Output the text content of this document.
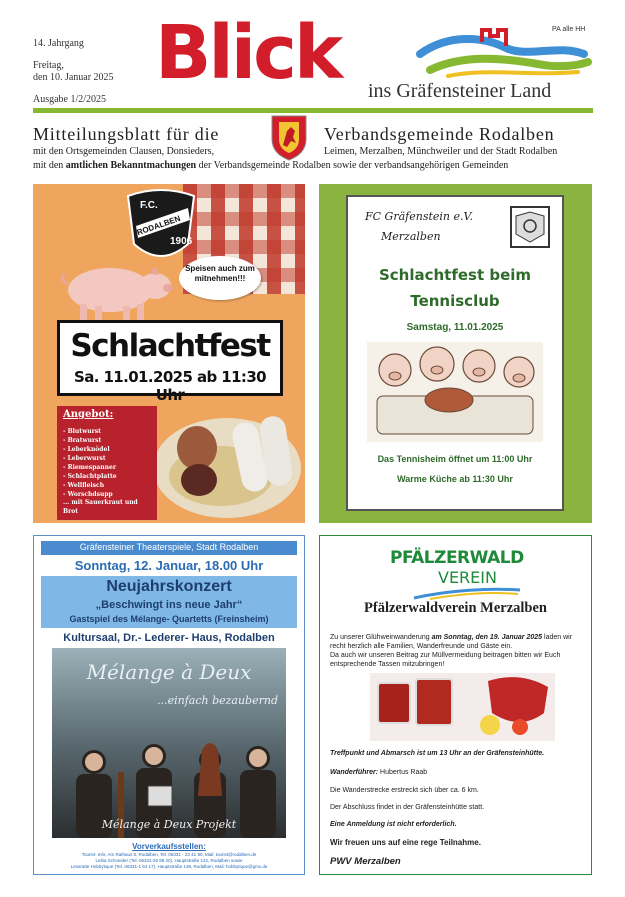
14. Jahrgang
Freitag,
den 10. Januar 2025
Ausgabe 1/2/2025
Blick ins Gräfensteiner Land
PA alle HH
Mitteilungsblatt für die	Verbandsgemeinde Rodalben
mit den Ortsgemeinden Clausen, Donsieders,	Leimen, Merzalben, Münchweiler und der Stadt Rodalben
mit den amtlichen Bekanntmachungen der Verbandsgemeinde Rodalben sowie der verbandsangehörigen Gemeinden
F.C.
RODALBEN
1906
Speisen auch zum mitnehmen!!!
Schlachtfest
Sa. 11.01.2025 ab 11:30 Uhr
Angebot:
- Blutwurst
- Bratwurst
- Leberknödel
- Leberwurst
- Riemespanner
- Schlachtplatte
- Wellfleisch
- Worschdsupp
... mit Sauerkraut und Brot
FC Gräfenstein e.V.
Merzalben
Schlachtfest beim
Tennisclub
Samstag, 11.01.2025
Das Tennisheim öffnet um 11:00 Uhr
Warme Küche ab 11:30 Uhr
Gräfensteiner Theaterspiele, Stadt Rodalben
Sonntag, 12. Januar, 18.00 Uhr
Neujahrskonzert
„Beschwingt ins neue Jahr“
Gastspiel des Mélange- Quartetts (Freinsheim)
Kultursaal, Dr.- Lederer- Haus, Rodalben
Mélange à Deux
...einfach bezaubernd
Mélange à Deux Projekt
Vorverkaufsstellen:
Tourist- Info, Am Rathaus 8, Rodalben, Tel. 06331 - 23 41 80, Mail: tourist@rodalben.de
Leiba Schneider (Tel. 06331-25 88 20), Hauptstraße 142, Rodalben sowie
Leseratte Hobbytique (Tel. 06331-1 64 17), Hauptstraße 138, Rodalben, Mail: hobbytique@gmx.de
PFÄLZERWALD
VEREIN
Pfälzerwaldverein Merzalben
Zu unserer Glühweinwanderung am Sonntag, den 19. Januar 2025 laden wir recht herzlich alle Familien, Wanderfreunde und Gäste ein.
Da auch wir unseren Beitrag zur Müllvermeidung beitragen bitten wir Euch entsprechende Tassen mitzubringen!
Treffpunkt und Abmarsch ist um 13 Uhr an der Gräfensteinhütte.
Wanderführer: Hubertus Raab
Die Wanderstrecke erstreckt sich über ca. 6 km.
Der Abschluss findet in der Gräfensteinhütte statt.
Eine Anmeldung ist nicht erforderlich.
Wir freuen uns auf eine rege Teilnahme.
PWV Merzalben
